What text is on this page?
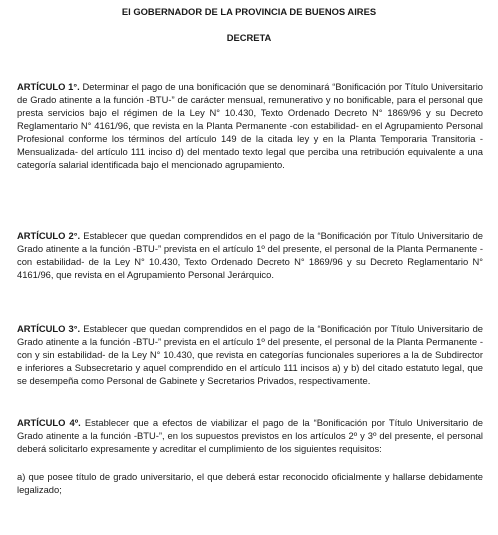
El GOBERNADOR DE LA PROVINCIA DE BUENOS AIRES

DECRETA

ARTÍCULO 1°. Determinar el pago de una bonificación que se denominará “Bonificación por Título Universitario de Grado atinente a la función -BTU-” de carácter mensual, remunerativo y no bonificable, para el personal que presta servicios bajo el régimen de la Ley N° 10.430, Texto Ordenado Decreto N° 1869/96 y su Decreto Reglamentario N° 4161/96, que revista en la Planta Permanente -con estabilidad- en el Agrupamiento Personal Profesional conforme los términos del artículo 149 de la citada ley y en la Planta Temporaria Transitoria -Mensualizada- del artículo 111 inciso d) del mentado texto legal que perciba una retribución equivalente a una categoría salarial identificada bajo el mencionado agrupamiento.

ARTÍCULO 2°. Establecer que quedan comprendidos en el pago de la “Bonificación por Título Universitario de Grado atinente a la función -BTU-” prevista en el artículo 1º del presente, el personal de la Planta Permanente -con estabilidad- de la Ley N° 10.430, Texto Ordenado Decreto N° 1869/96 y su Decreto Reglamentario N° 4161/96, que revista en el Agrupamiento Personal Jerárquico.

ARTÍCULO 3°. Establecer que quedan comprendidos en el pago de la “Bonificación por Título Universitario de Grado atinente a la función -BTU-” prevista en el artículo 1º del presente, el personal de la Planta Permanente -con y sin estabilidad- de la Ley N° 10.430, que revista en categorías funcionales superiores a la de Subdirector e inferiores a Subsecretario y aquel comprendido en el artículo 111 incisos a) y b) del citado estatuto legal, que se desempeña como Personal de Gabinete y Secretarios Privados, respectivamente.

ARTÍCULO 4º. Establecer que a efectos de viabilizar el pago de la “Bonificación por Título Universitario de Grado atinente a la función -BTU-”, en los supuestos previstos en los artículos 2º y 3º del presente, el personal deberá solicitarlo expresamente y acreditar el cumplimiento de los siguientes requisitos:

a) que posee título de grado universitario, el que deberá estar reconocido oficialmente y hallarse debidamente legalizado;
